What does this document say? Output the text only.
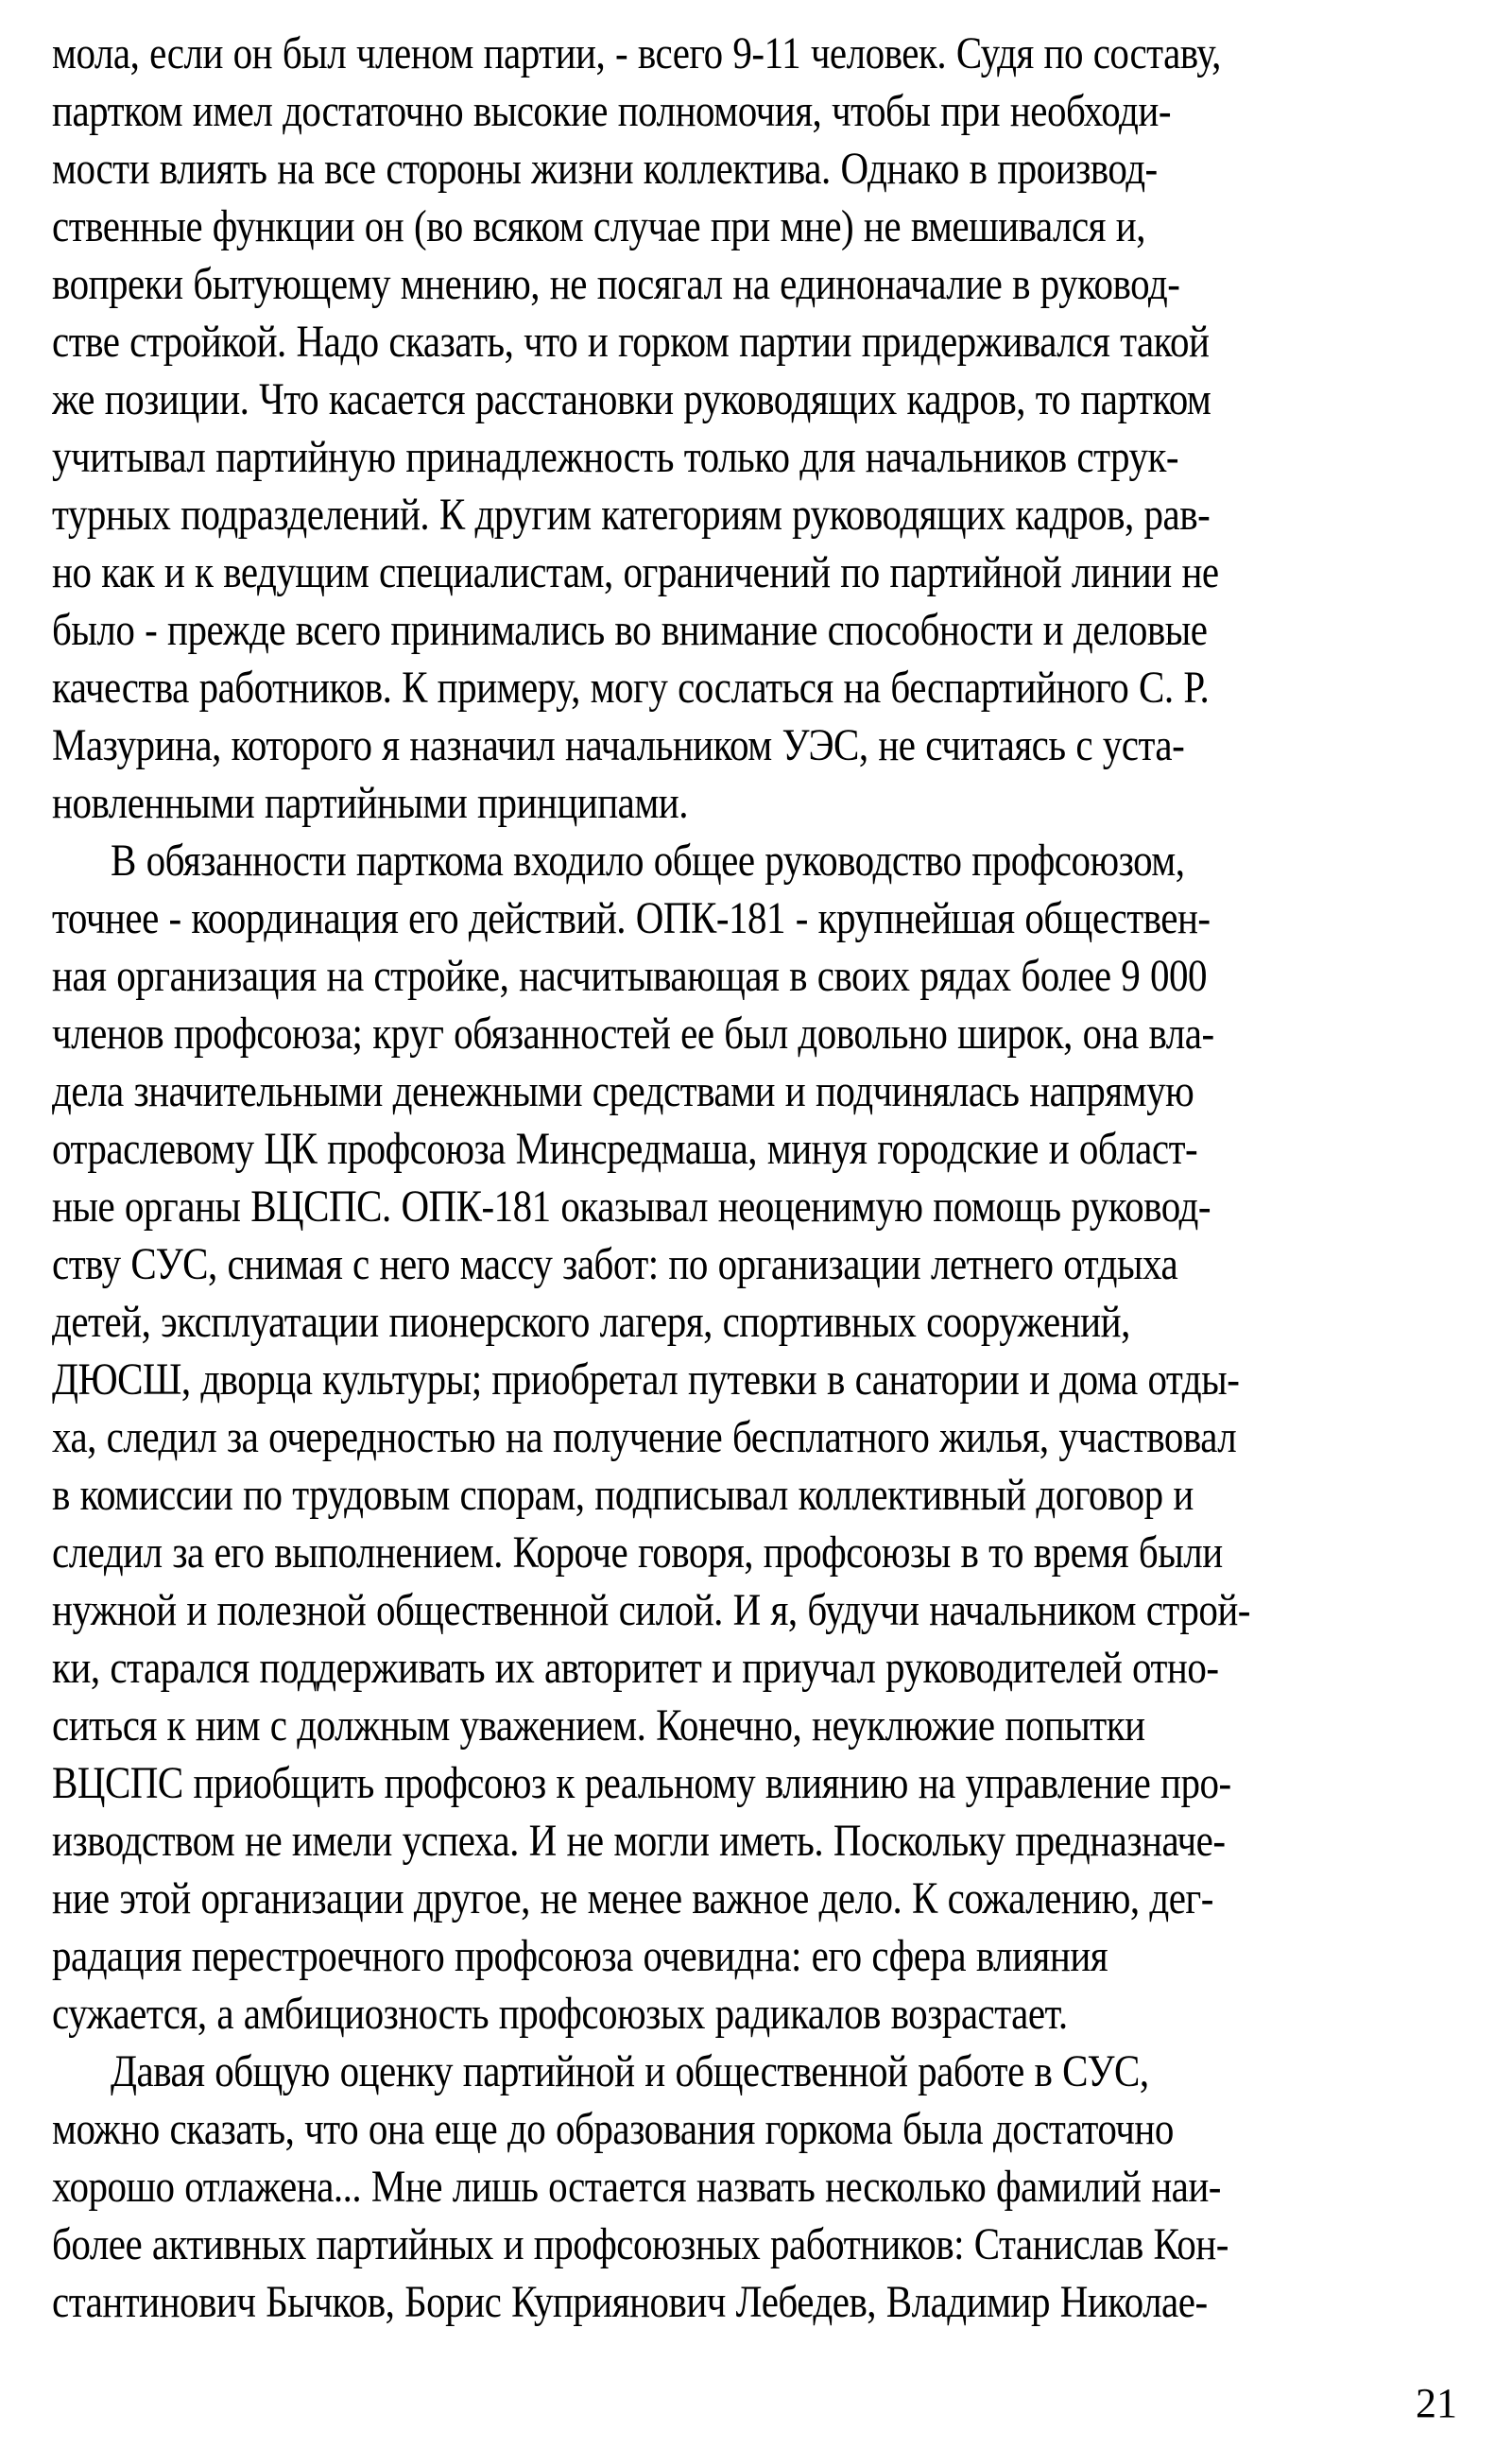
мола, если он был членом партии, - всего 9-11 человек. Судя по составу,
партком имел достаточно высокие полномочия, чтобы при необходи-
мости влиять на все стороны жизни коллектива. Однако в производ-
ственные функции он (во всяком случае при мне) не вмешивался и,
вопреки бытующему мнению, не посягал на единоначалие в руковод-
стве стройкой. Надо сказать, что и горком партии придерживался такой
же позиции. Что касается расстановки руководящих кадров, то партком
учитывал партийную принадлежность только для начальников струк-
турных подразделений. К другим категориям руководящих кадров, рав-
но как и к ведущим специалистам, ограничений по партийной линии не
было - прежде всего принимались во внимание способности и деловые
качества работников. К примеру, могу сослаться на беспартийного С. Р.
Мазурина, которого я назначил начальником УЭС, не считаясь с уста-
новленными партийными принципами.
В обязанности парткома входило общее руководство профсоюзом,
точнее - координация его действий. ОПК-181 - крупнейшая обществен-
ная организация на стройке, насчитывающая в своих рядах более 9 000
членов профсоюза; круг обязанностей ее был довольно широк, она вла-
дела значительными денежными средствами и подчинялась напрямую
отраслевому ЦК профсоюза Минсредмаша, минуя городские и област-
ные органы ВЦСПС. ОПК-181 оказывал неоценимую помощь руковод-
ству СУС, снимая с него массу забот: по организации летнего отдыха
детей, эксплуатации пионерского лагеря, спортивных сооружений,
ДЮСШ, дворца культуры; приобретал путевки в санатории и дома отды-
ха, следил за очередностью на получение бесплатного жилья, участвовал
в комиссии по трудовым спорам, подписывал коллективный договор и
следил за его выполнением. Короче говоря, профсоюзы в то время были
нужной и полезной общественной силой. И я, будучи начальником строй-
ки, старался поддерживать их авторитет и приучал руководителей отно-
ситься к ним с должным уважением. Конечно, неуклюжие попытки
ВЦСПС приобщить профсоюз к реальному влиянию на управление про-
изводством не имели успеха. И не могли иметь. Поскольку предназначе-
ние этой организации другое, не менее важное дело. К сожалению, дег-
радация перестроечного профсоюза очевидна: его сфера влияния
сужается, а амбициозность профсоюзых радикалов возрастает.
Давая общую оценку партийной и общественной работе в СУС,
можно сказать, что она еще до образования горкома была достаточно
хорошо отлажена... Мне лишь остается назвать несколько фамилий наи-
более активных партийных и профсоюзных работников: Станислав Кон-
стантинович Бычков, Борис Куприянович Лебедев, Владимир Николае-
21
